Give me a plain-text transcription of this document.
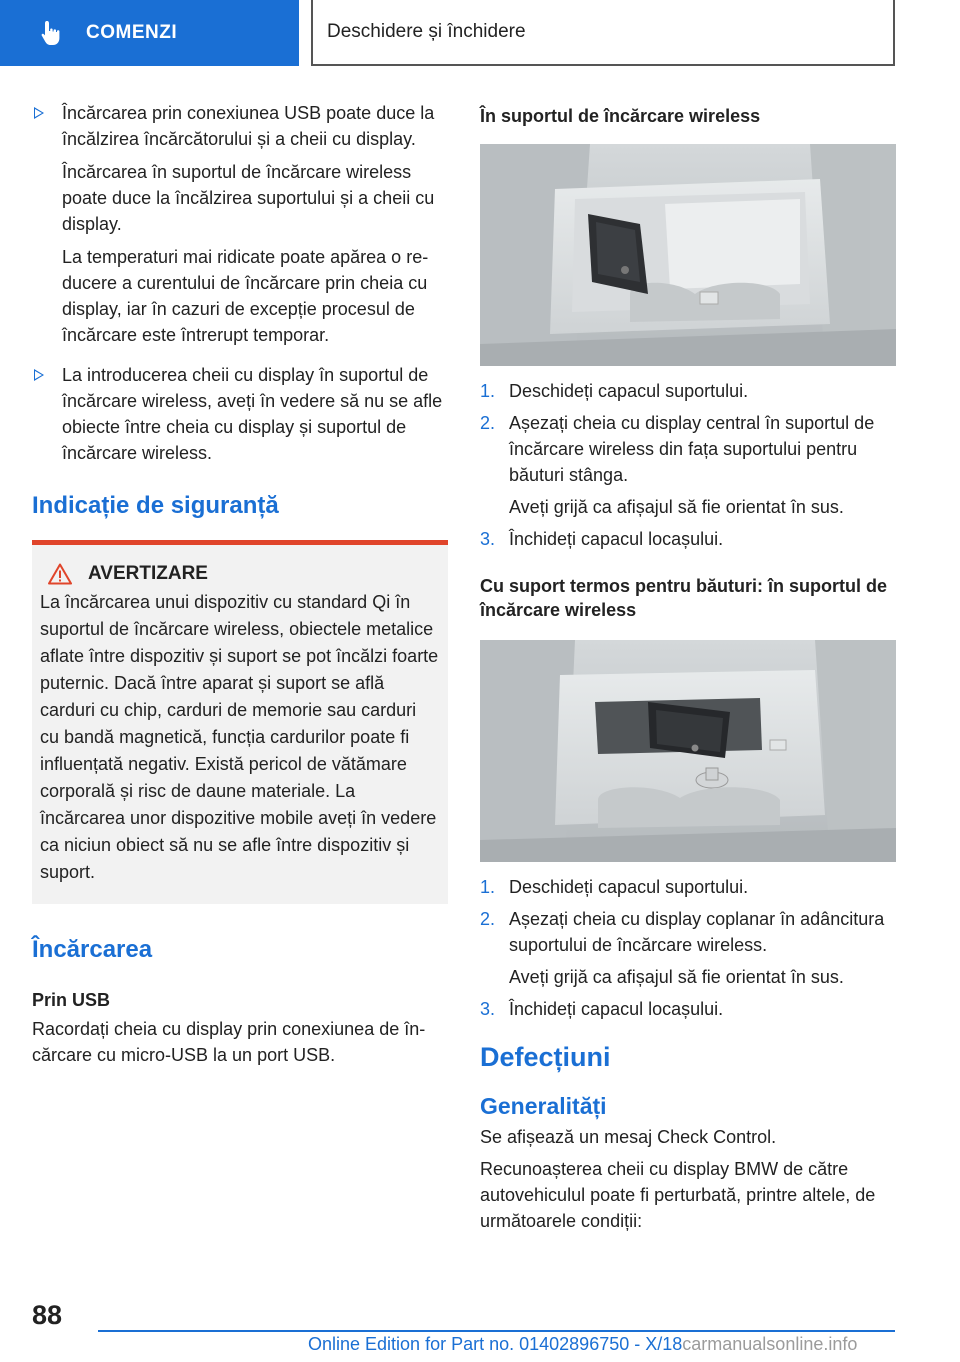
COMENZI	Deschidere și închidere

Încărcarea prin conexiunea USB poate duce la încălzirea încărcătorului și a cheii cu display.

Încărcarea în suportul de încărcare wireless poate duce la încălzirea suportului și a cheii cu display.

La temperaturi mai ridicate poate apărea o reducere a curentului de încărcare prin cheia cu display, iar în cazuri de excepție procesul de încărcare este întrerupt temporar.

La introducerea cheii cu display în suportul de încărcare wireless, aveți în vedere să nu se afle obiecte între cheia cu display și suportul de încărcare wireless.

Indicație de siguranță
AVERTIZARE

La încărcarea unui dispozitiv cu standard Qi în suportul de încărcare wireless, obiectele metalice aflate între dispozitiv și suport se pot încălzi foarte puternic. Dacă între aparat și suport se află carduri cu chip, carduri de memorie sau carduri cu bandă magnetică, funcția cardurilor poate fi influențată negativ. Există pericol de vătămare corporală și risc de daune materiale. La încărcarea unor dispozitive mobile aveți în vedere ca niciun obiect să nu se afle între dispozitiv și suport.

Încărcarea
Prin USB

Racordați cheia cu display prin conexiunea de încărcare cu micro-USB la un port USB.

În suportul de încărcare wireless
1. Deschideți capacul suportului.

2. Așezați cheia cu display central în suportul de încărcare wireless din fața suportului pentru băuturi stânga.

Aveți grijă ca afișajul să fie orientat în sus.

3. Închideți capacul locașului.

Cu suport termos pentru băuturi: în suportul de încărcare wireless
1. Deschideți capacul suportului.

2. Așezați cheia cu display coplanar în adâncitura suportului de încărcare wireless.

Aveți grijă ca afișajul să fie orientat în sus.

3. Închideți capacul locașului.

Defecțiuni
Generalități

Se afișează un mesaj Check Control.

Recunoașterea cheii cu display BMW de către autovehiculul poate fi perturbată, printre altele, de următoarele condiții:

88
Online Edition for Part no. 01402896750 - X/18carmanualsonline.info
